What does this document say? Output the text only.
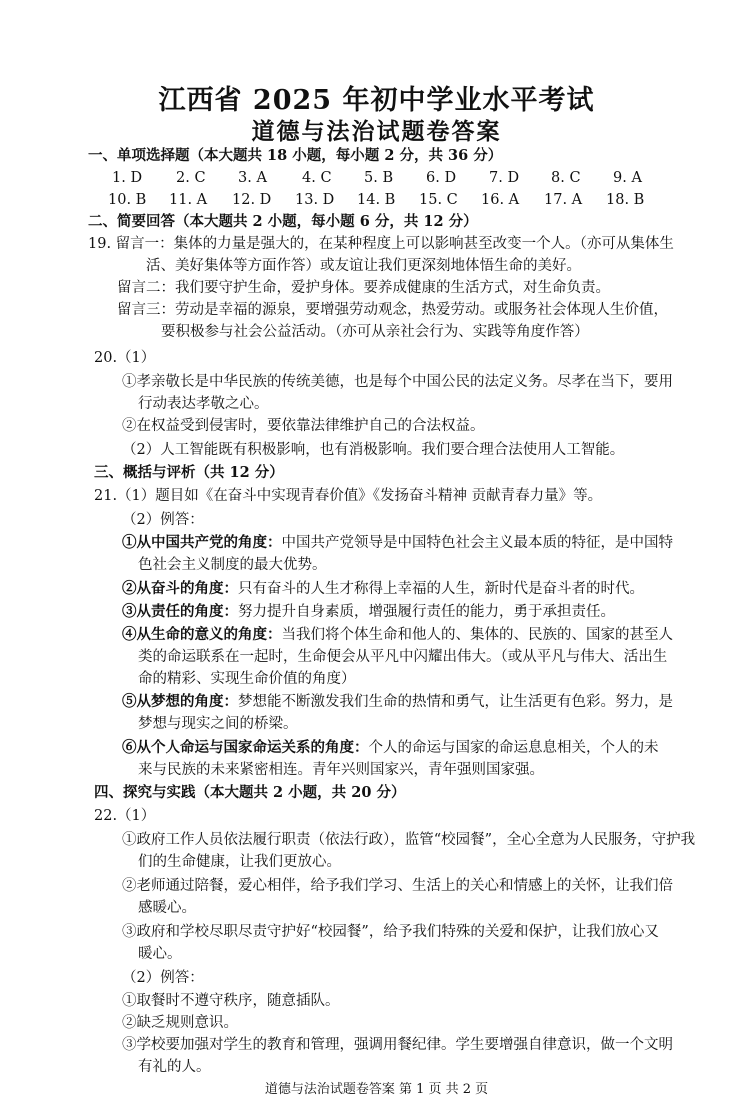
江西省 2025 年初中学业水平考试
道德与法治试题卷答案
一、单项选择题（本大题共 18 小题，每小题 2 分，共 36 分）
1. D 2. C 3. A 4. C 5. B 6. D 7. D 8. C 9. A
10. B 11. A 12. D 13. D 14. B 15. C 16. A 17. A 18. B
二、简要回答（本大题共 2 小题，每小题 6 分，共 12 分）
19. 留言一：集体的力量是强大的，在某种程度上可以影响甚至改变一个人。（亦可从集体生
活、美好集体等方面作答）或友谊让我们更深刻地体悟生命的美好。
留言二：我们要守护生命，爱护身体。要养成健康的生活方式，对生命负责。
留言三：劳动是幸福的源泉，要增强劳动观念，热爱劳动。或服务社会体现人生价值，
要积极参与社会公益活动。（亦可从亲社会行为、实践等角度作答）
20.（1）
①孝亲敬长是中华民族的传统美德，也是每个中国公民的法定义务。尽孝在当下，要用
行动表达孝敬之心。
②在权益受到侵害时，要依靠法律维护自己的合法权益。
（2）人工智能既有积极影响，也有消极影响。我们要合理合法使用人工智能。
三、概括与评析（共 12 分）
21.（1）题目如《在奋斗中实现青春价值》《发扬奋斗精神 贡献青春力量》等。
（2）例答：
①从中国共产党的角度：中国共产党领导是中国特色社会主义最本质的特征，是中国特
色社会主义制度的最大优势。
②从奋斗的角度：只有奋斗的人生才称得上幸福的人生，新时代是奋斗者的时代。
③从责任的角度：努力提升自身素质，增强履行责任的能力，勇于承担责任。
④从生命的意义的角度：当我们将个体生命和他人的、集体的、民族的、国家的甚至人
类的命运联系在一起时，生命便会从平凡中闪耀出伟大。（或从平凡与伟大、活出生
命的精彩、实现生命价值的角度）
⑤从梦想的角度：梦想能不断激发我们生命的热情和勇气，让生活更有色彩。努力，是
梦想与现实之间的桥梁。
⑥从个人命运与国家命运关系的角度：个人的命运与国家的命运息息相关，个人的未
来与民族的未来紧密相连。青年兴则国家兴，青年强则国家强。
四、探究与实践（本大题共 2 小题，共 20 分）
22.（1）
①政府工作人员依法履行职责（依法行政），监管“校园餐”，全心全意为人民服务，守护我
们的生命健康，让我们更放心。
②老师通过陪餐，爱心相伴，给予我们学习、生活上的关心和情感上的关怀，让我们倍
感暖心。
③政府和学校尽职尽责守护好“校园餐”，给予我们特殊的关爱和保护，让我们放心又
暖心。
（2）例答：
①取餐时不遵守秩序，随意插队。
②缺乏规则意识。
③学校要加强对学生的教育和管理，强调用餐纪律。学生要增强自律意识，做一个文明
有礼的人。
道德与法治试题卷答案 第 1 页 共 2 页
